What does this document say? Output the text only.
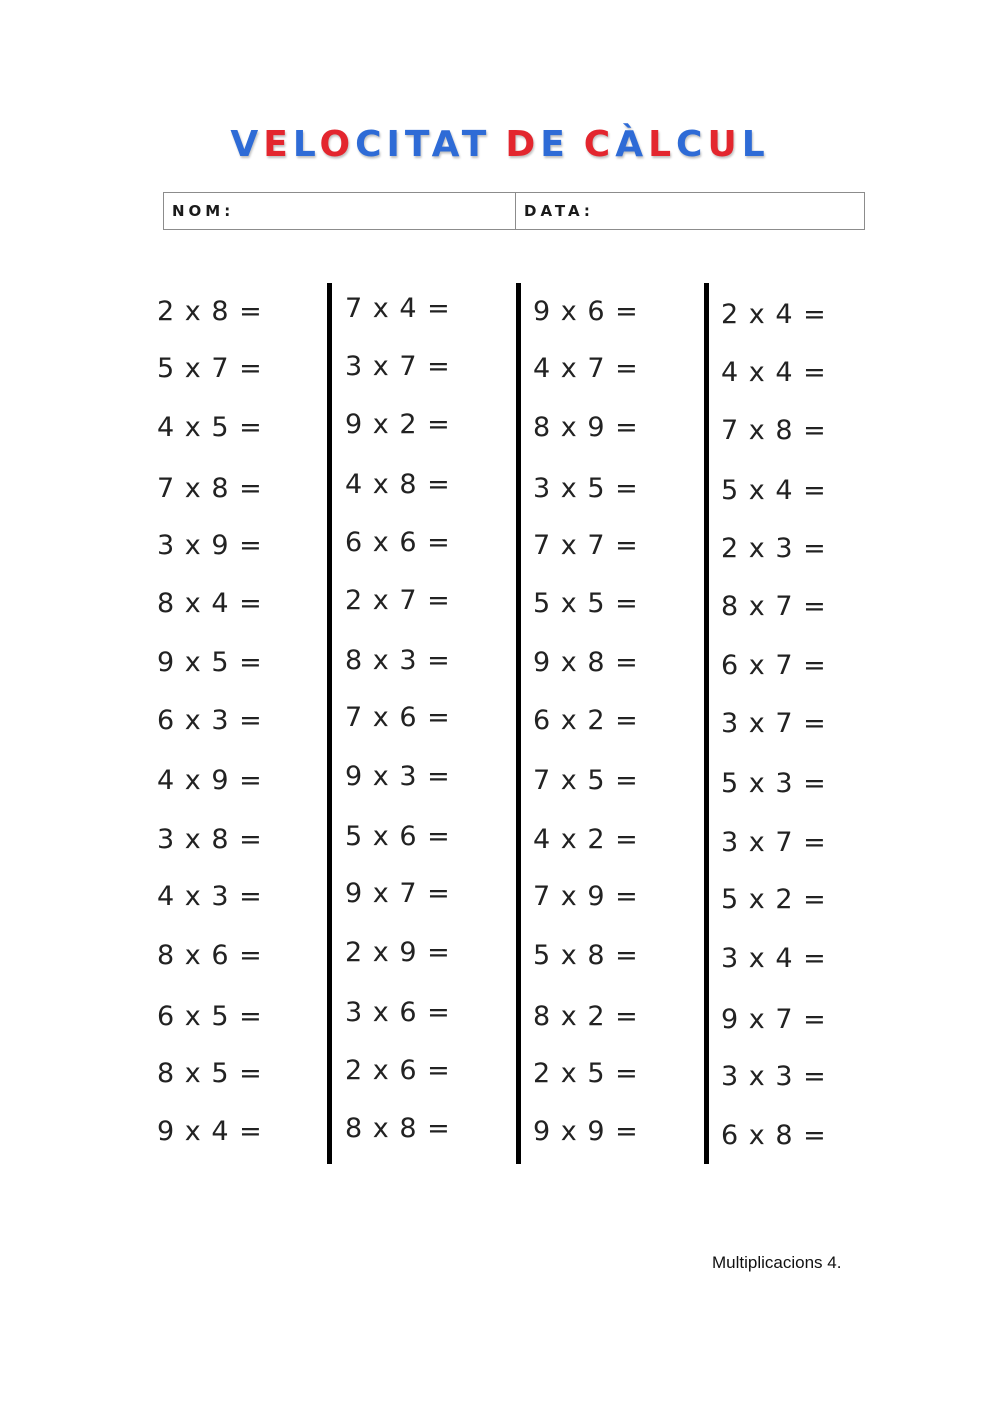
VELOCITAT DE CÀLCUL
NOM:	DATA:
2 x 8 =
5 x 7 =
4 x 5 =
7 x 8 =
3 x 9 =
8 x 4 =
9 x 5 =
6 x 3 =
4 x 9 =
3 x 8 =
4 x 3 =
8 x 6 =
6 x 5 =
8 x 5 =
9 x 4 =
7 x 4 =
3 x 7 =
9 x 2 =
4 x 8 =
6 x 6 =
2 x 7 =
8 x 3 =
7 x 6 =
9 x 3 =
5 x 6 =
9 x 7 =
2 x 9 =
3 x 6 =
2 x 6 =
8 x 8 =
9 x 6 =
4 x 7 =
8 x 9 =
3 x 5 =
7 x 7 =
5 x 5 =
9 x 8 =
6 x 2 =
7 x 5 =
4 x 2 =
7 x 9 =
5 x 8 =
8 x 2 =
2 x 5 =
9 x 9 =
2 x 4 =
4 x 4 =
7 x 8 =
5 x 4 =
2 x 3 =
8 x 7 =
6 x 7 =
3 x 7 =
5 x 3 =
3 x 7 =
5 x 2 =
3 x 4 =
9 x 7 =
3 x 3 =
6 x 8 =
Multiplicacions 4.
